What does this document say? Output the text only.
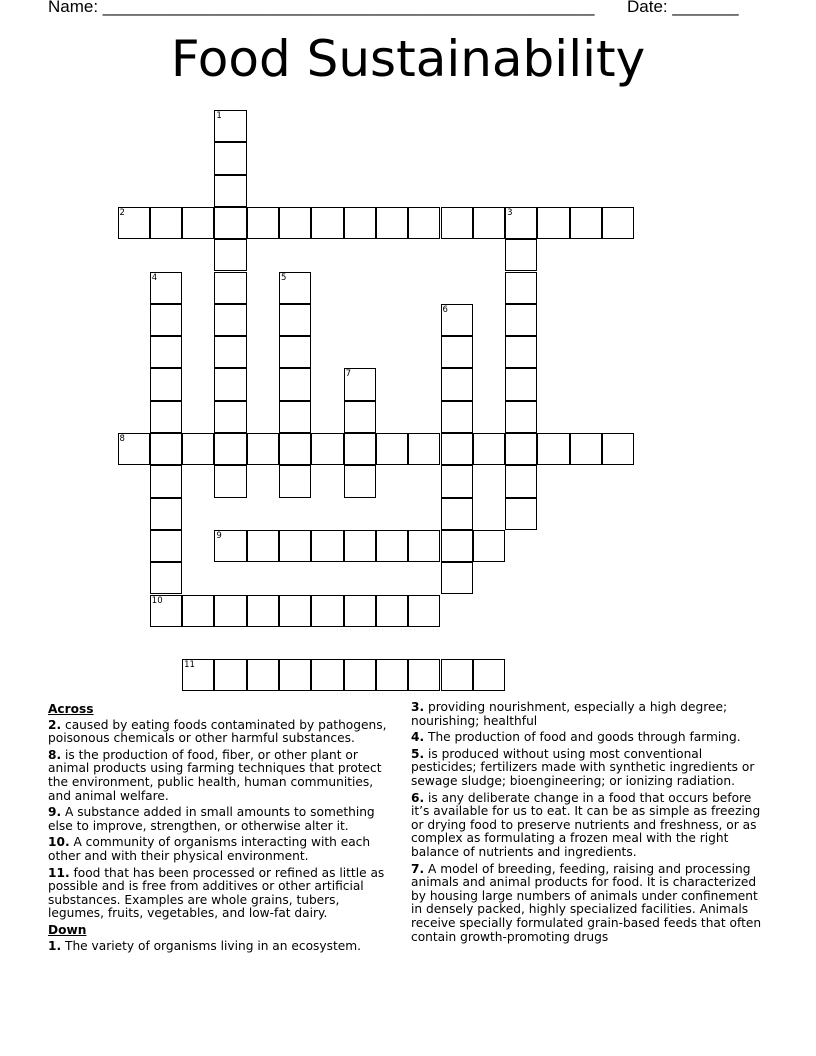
Name: ____________________________________________________ Date: _______
Food Sustainability
1
2	3
4
10
5
6
7
8
9
11
Across
2. caused by eating foods contaminated by pathogens, poisonous chemicals or other harmful substances.
8. is the production of food, fiber, or other plant or animal products using farming techniques that protect the environment, public health, human communities, and animal welfare.
9. A substance added in small amounts to something else to improve, strengthen, or otherwise alter it.
10. A community of organisms interacting with each other and with their physical environment.
11. food that has been processed or refined as little as possible and is free from additives or other artificial substances. Examples are whole grains, tubers, legumes, fruits, vegetables, and low-fat dairy.
Down
1. The variety of organisms living in an ecosystem.
3. providing nourishment, especially a high degree; nourishing; healthful
4. The production of food and goods through farming.
5. is produced without using most conventional pesticides; fertilizers made with synthetic ingredients or sewage sludge; bioengineering; or ionizing radiation.
6. is any deliberate change in a food that occurs before it’s available for us to eat. It can be as simple as freezing or drying food to preserve nutrients and freshness, or as complex as formulating a frozen meal with the right balance of nutrients and ingredients.
7. A model of breeding, feeding, raising and processing animals and animal products for food. It is characterized by housing large numbers of animals under confinement in densely packed, highly specialized facilities. Animals receive specially formulated grain-based feeds that often contain growth-promoting drugs
